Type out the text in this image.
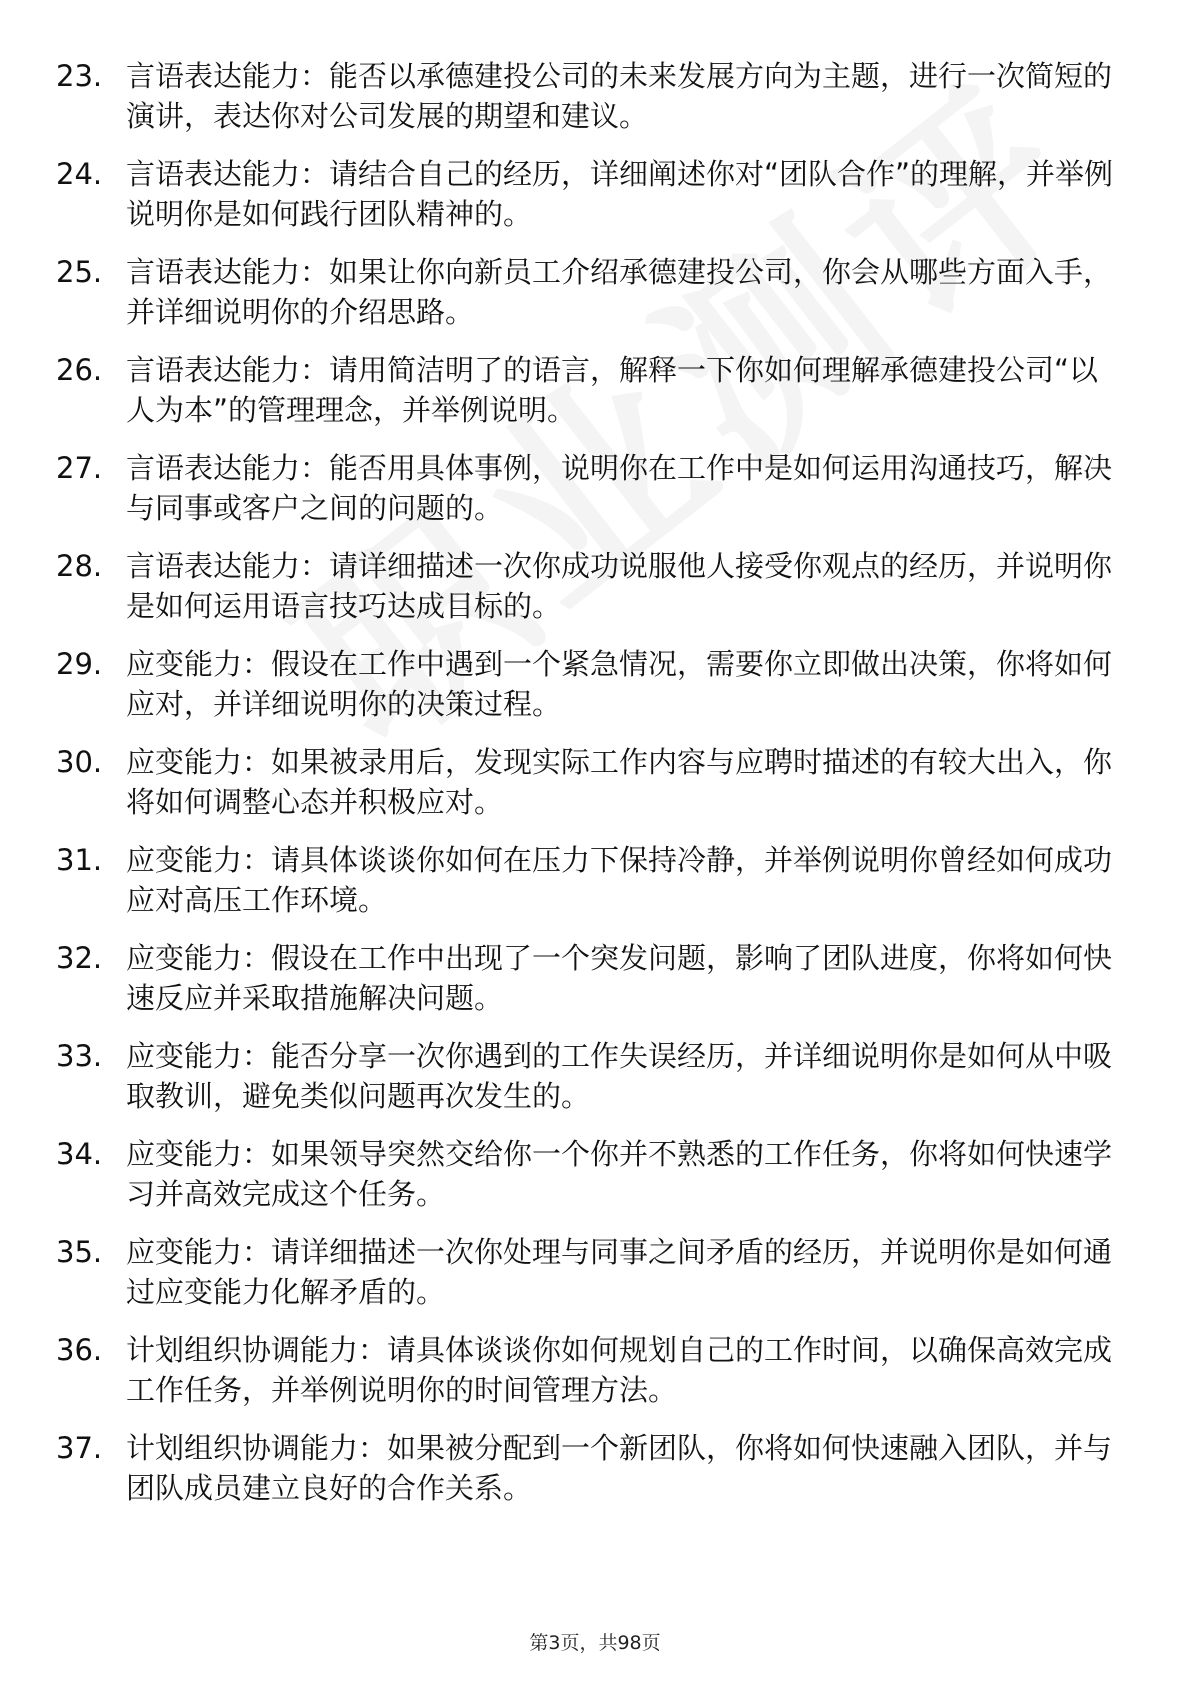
23. 言语表达能力：能否以承德建投公司的未来发展方向为主题，进行一次简短的演讲，表达你对公司发展的期望和建议。
24. 言语表达能力：请结合自己的经历，详细阐述你对“团队合作”的理解，并举例说明你是如何践行团队精神的。
25. 言语表达能力：如果让你向新员工介绍承德建投公司，你会从哪些方面入手，并详细说明你的介绍思路。
26. 言语表达能力：请用简洁明了的语言，解释一下你如何理解承德建投公司“以人为本”的管理理念，并举例说明。
27. 言语表达能力：能否用具体事例，说明你在工作中是如何运用沟通技巧，解决与同事或客户之间的问题的。
28. 言语表达能力：请详细描述一次你成功说服他人接受你观点的经历，并说明你是如何运用语言技巧达成目标的。
29. 应变能力：假设在工作中遇到一个紧急情况，需要你立即做出决策，你将如何应对，并详细说明你的决策过程。
30. 应变能力：如果被录用后，发现实际工作内容与应聘时描述的有较大出入，你将如何调整心态并积极应对。
31. 应变能力：请具体谈谈你如何在压力下保持冷静，并举例说明你曾经如何成功应对高压工作环境。
32. 应变能力：假设在工作中出现了一个突发问题，影响了团队进度，你将如何快速反应并采取措施解决问题。
33. 应变能力：能否分享一次你遇到的工作失误经历，并详细说明你是如何从中吸取教训，避免类似问题再次发生的。
34. 应变能力：如果领导突然交给你一个你并不熟悉的工作任务，你将如何快速学习并高效完成这个任务。
35. 应变能力：请详细描述一次你处理与同事之间矛盾的经历，并说明你是如何通过应变能力化解矛盾的。
36. 计划组织协调能力：请具体谈谈你如何规划自己的工作时间，以确保高效完成工作任务，并举例说明你的时间管理方法。
37. 计划组织协调能力：如果被分配到一个新团队，你将如何快速融入团队，并与团队成员建立良好的合作关系。
第3页，共98页
